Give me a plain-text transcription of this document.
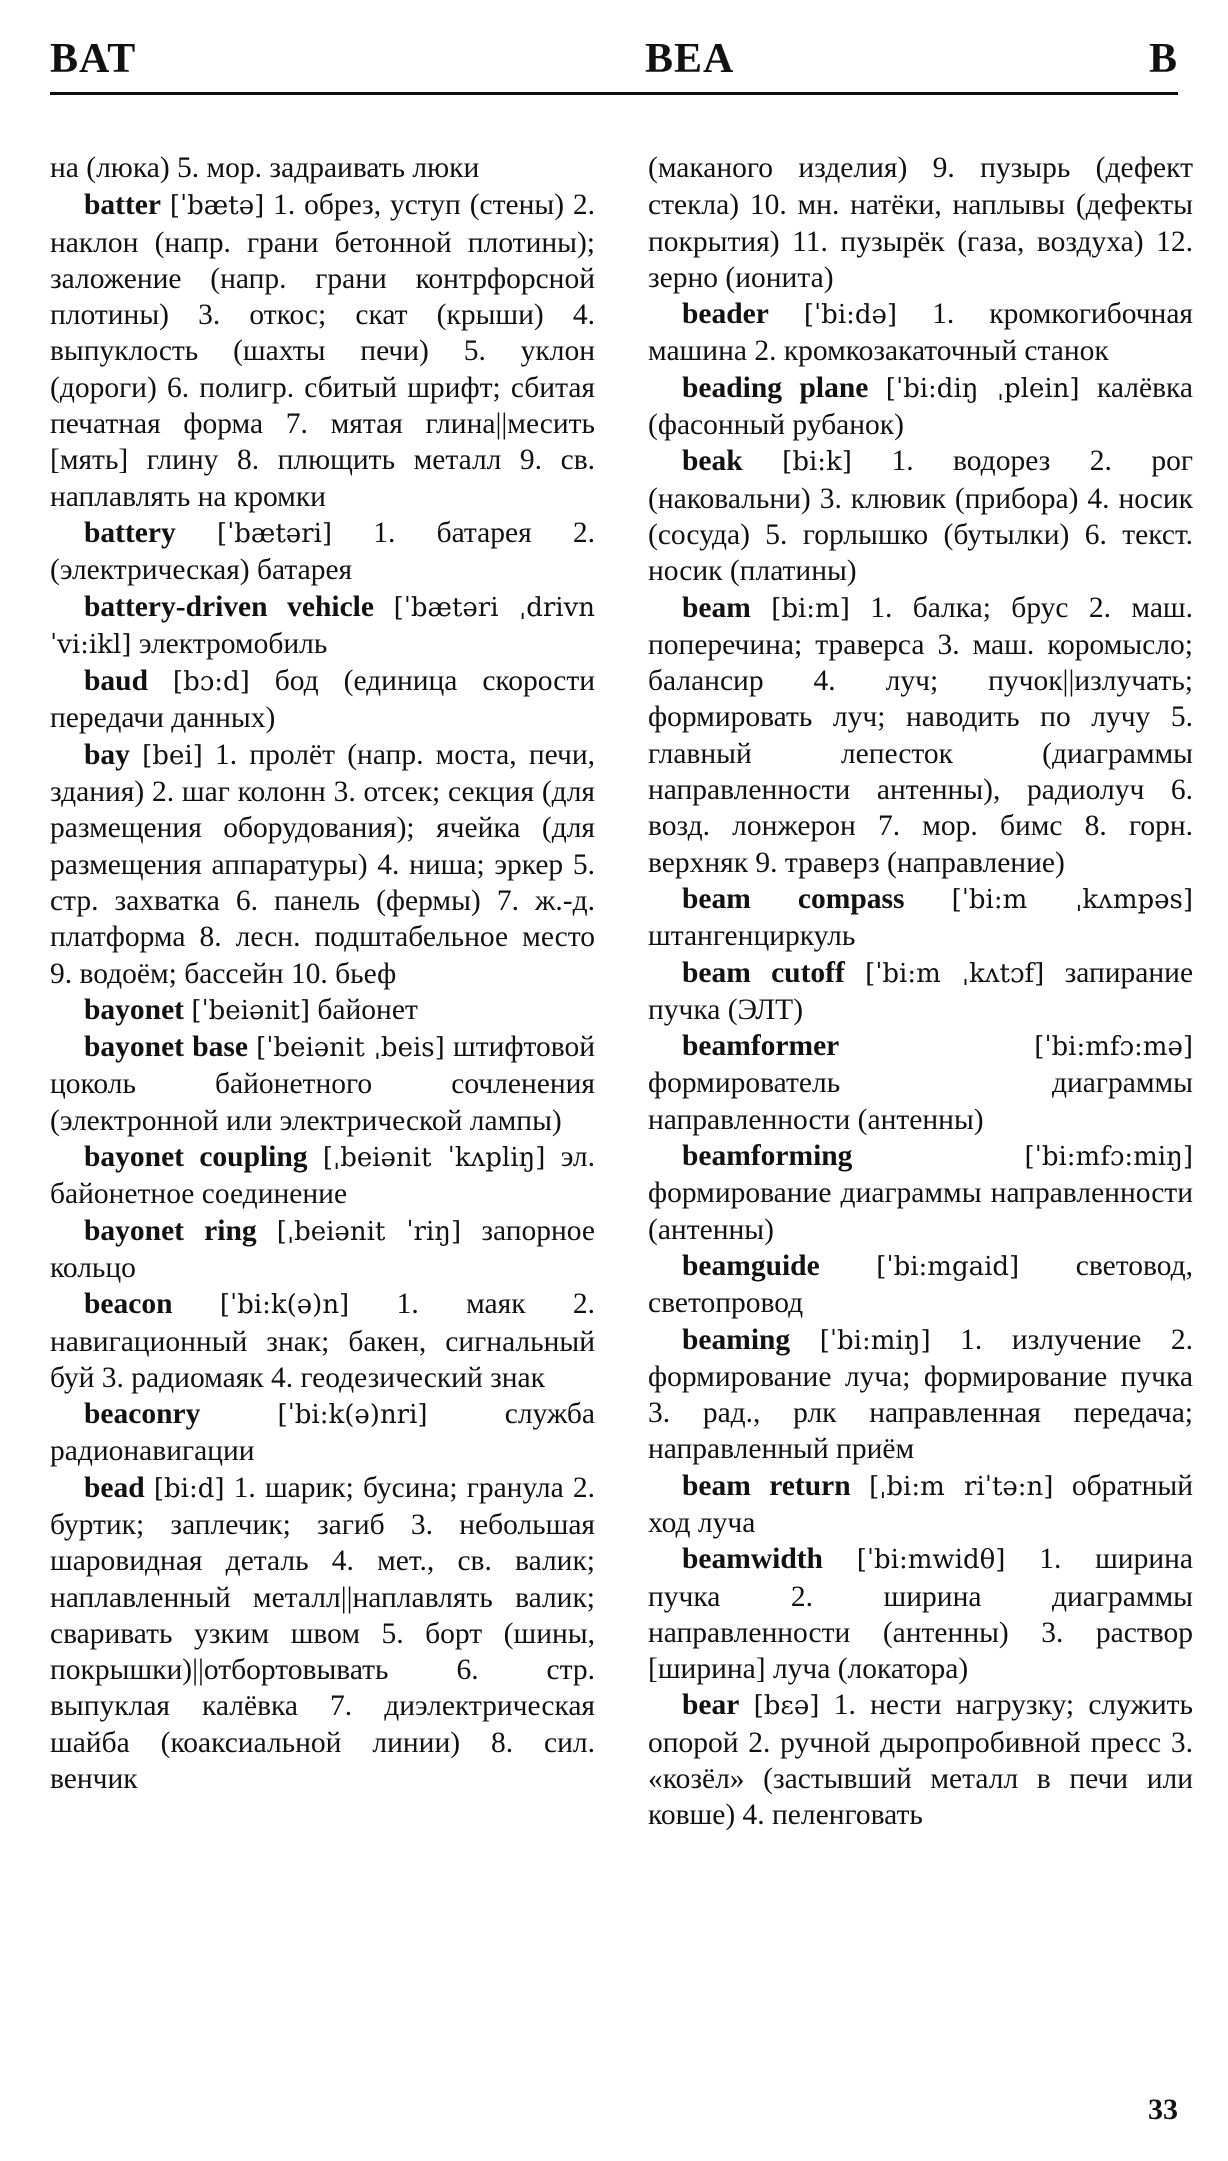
BAT	BEA	B

на (люка) 5. мор. задраивать люки

batter [ˈbætə] 1. обрез, уступ (стены) 2. наклон (напр. грани бетонной плотины); заложение (напр. грани контрфорсной плотины) 3. откос; скат (крыши) 4. выпуклость (шахты печи) 5. уклон (дороги) 6. полигр. сбитый шрифт; сбитая печатная форма 7. мятая глина||месить [мять] глину 8. плющить металл 9. св. наплавлять на кромки

battery [ˈbætəri] 1. батарея 2. (электрическая) батарея

battery-driven vehicle [ˈbætəri ˌdrivn ˈvi:ikl] электромобиль

baud [bɔ:d] бод (единица скорости передачи данных)

bay [bei] 1. пролёт (напр. моста, печи, здания) 2. шаг колонн 3. отсек; секция (для размещения оборудования); ячейка (для размещения аппаратуры) 4. ниша; эркер 5. стр. захватка 6. панель (фермы) 7. ж.-д. платформа 8. лесн. подштабельное место 9. водоём; бассейн 10. бьеф

bayonet [ˈbeiənit] байонет

bayonet base [ˈbeiənit ˌbeis] штифтовой цоколь байонетного сочленения (электронной или электрической лампы)

bayonet coupling [ˌbeiənit ˈkʌpliŋ] эл. байонетное соединение

bayonet ring [ˌbeiənit ˈriŋ] запорное кольцо

beacon [ˈbi:k(ə)n] 1. маяк 2. навигационный знак; бакен, сигнальный буй 3. радиомаяк 4. геодезический знак

beaconry	[ˈbi:k(ə)nri]	служба радионавигации

bead [bi:d] 1. шарик; бусина; гранула 2. буртик; заплечик; загиб 3. небольшая шаровидная деталь 4. мет., св. валик; наплавленный металл||наплавлять валик; сваривать узким швом 5. борт (шины, покрышки)||отбортовывать 6. стр. выпуклая калёвка 7. диэлектрическая шайба (коаксиальной линии) 8. сил. венчик

(маканого изделия) 9. пузырь (дефект стекла) 10. мн. натёки, наплывы (дефекты покрытия) 11. пузырёк (газа, воздуха) 12. зерно (ионита)

beader [ˈbi:də] 1. кромкогибочная машина 2. кромкозакаточный станок

beading plane [ˈbi:diŋ ˌplein] калёвка (фасонный рубанок)

beak [bi:k] 1. водорез 2. рог (наковальни) 3. клювик (прибора) 4. носик (сосуда) 5. горлышко (бутылки) 6. текст. носик (платины)

beam [bi:m] 1. балка; брус 2. маш. поперечина; траверса 3. маш. коромысло; балансир 4. луч; пучок||излучать; формировать луч; наводить по лучу 5. главный лепесток (диаграммы направленности антенны), радиолуч 6. возд. лонжерон 7. мор. бимс 8. горн. верхняк 9. траверз (направление)

beam compass [ˈbi:m ˌkʌmpəs] штангенциркуль

beam cutoff [ˈbi:m ˌkʌtɔf] запирание пучка (ЭЛТ)

beamformer	[ˈbi:mfɔ:mə] формирователь диаграммы направленности (антенны)

beamforming	[ˈbi:mfɔ:miŋ] формирование диаграммы направленности (антенны)

beamguide [ˈbi:mgaid] световод, светопровод

beaming [ˈbi:miŋ] 1. излучение 2. формирование луча; формирование пучка 3. рад., рлк направленная передача; направленный приём

beam return [ˌbi:m riˈtə:n] обратный ход луча

beamwidth [ˈbi:mwidθ] 1. ширина пучка 2. ширина диаграммы направленности (антенны) 3. раствор [ширина] луча (локатора)

bear [bεə] 1. нести нагрузку; служить опорой 2. ручной дыропробивной пресс 3. «козёл» (застывший металл в печи или ковше) 4. пеленговать

33
